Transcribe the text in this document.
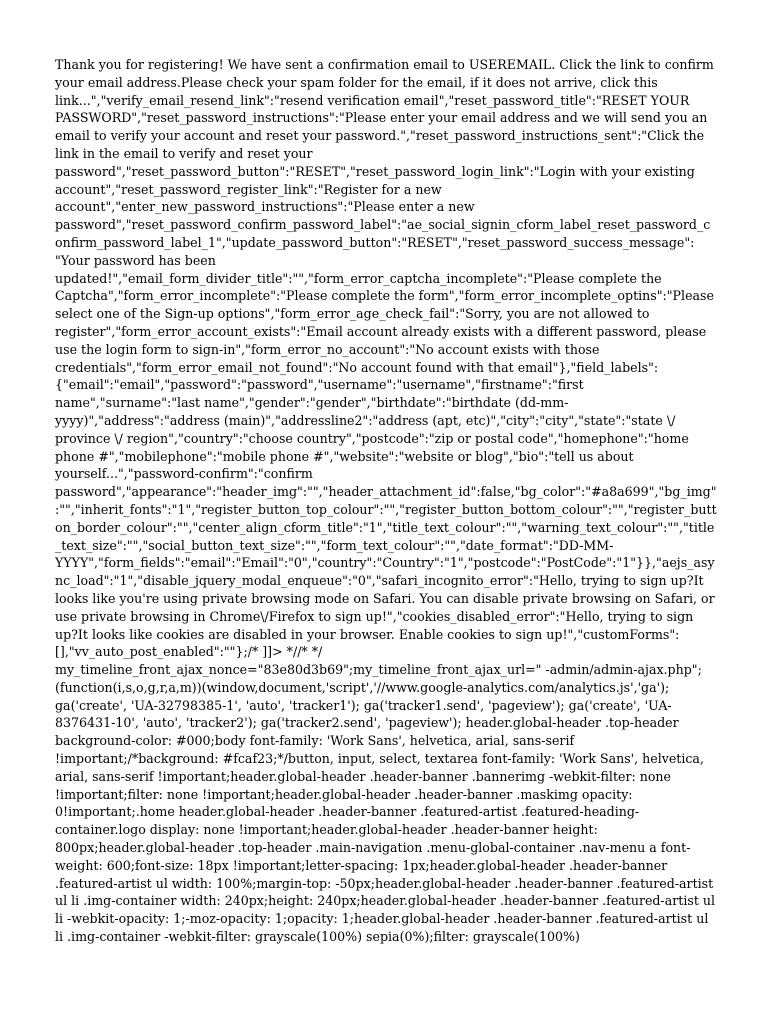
Thank you for registering! We have sent a confirmation email to USEREMAIL. Click the link to confirm your email address.Please check your spam folder for the email, if it does not arrive, click this link...","verify_email_resend_link":"resend verification email","reset_password_title":"RESET YOUR PASSWORD","reset_password_instructions":"Please enter your email address and we will send you an email to verify your account and reset your password.","reset_password_instructions_sent":"Click the link in the email to verify and reset your password","reset_password_button":"RESET","reset_password_login_link":"Login with your existing account","reset_password_register_link":"Register for a new account","enter_new_password_instructions":"Please enter a new password","reset_password_confirm_password_label":"ae_social_signin_cform_label_reset_password_confirm_password_label_1","update_password_button":"RESET","reset_password_success_message": "Your password has been updated!","email_form_divider_title":"","form_error_captcha_incomplete":"Please complete the Captcha","form_error_incomplete":"Please complete the form","form_error_incomplete_optins":"Please select one of the Sign-up options","form_error_age_check_fail":"Sorry, you are not allowed to register","form_error_account_exists":"Email account already exists with a different password, please use the login form to sign-in","form_error_no_account":"No account exists with those credentials","form_error_email_not_found":"No account found with that email"},"field_labels":{"email":"email","password":"password","username":"username","firstname":"first name","surname":"last name","gender":"gender","birthdate":"birthdate (dd-mm-yyyy)","address":"address (main)","addressline2":"address (apt, etc)","city":"city","state":"state \/ province \/ region","country":"choose country","postcode":"zip or postal code","homephone":"home phone #","mobilephone":"mobile phone #","website":"website or blog","bio":"tell us about yourself...","password-confirm":"confirm password","appearance":"header_img":"","header_attachment_id":false,"bg_color":"#a8a699","bg_img":"","inherit_fonts":"1","register_button_top_colour":"","register_button_bottom_colour":"","register_button_border_colour":"","center_align_cform_title":"1","title_text_colour":"","warning_text_colour":"","title_text_size":"","social_button_text_size":"","form_text_colour":"","date_format":"DD-MM-YYYY","form_fields":"email":"Email":"0","country":"Country":"1","postcode":"PostCode":"1"}},"aejs_async_load":"1","disable_jquery_modal_enqueue":"0","safari_incognito_error":"Hello, trying to sign up?It looks like you're using private browsing mode on Safari. You can disable private browsing on Safari, or use private browsing in Chrome\/Firefox to sign up!","cookies_disabled_error":"Hello, trying to sign up?It looks like cookies are disabled in your browser. Enable cookies to sign up!","customForms":[],"vv_auto_post_enabled":""};/* ]]> *//* */ my_timeline_front_ajax_nonce="83e80d3b69";my_timeline_front_ajax_url=" -admin/admin-ajax.php"; (function(i,s,o,g,r,a,m))(window,document,'script','//www.google-analytics.com/analytics.js','ga'); ga('create', 'UA-32798385-1', 'auto', 'tracker1'); ga('tracker1.send', 'pageview'); ga('create', 'UA-8376431-10', 'auto', 'tracker2'); ga('tracker2.send', 'pageview'); header.global-header .top-header background-color: #000;body font-family: 'Work Sans', helvetica, arial, sans-serif !important;/*background: #fcaf23;*/button, input, select, textarea font-family: 'Work Sans', helvetica, arial, sans-serif !important;header.global-header .header-banner .bannerimg -webkit-filter: none !important;filter: none !important;header.global-header .header-banner .maskimg opacity: 0!important;.home header.global-header .header-banner .featured-artist .featured-heading-container.logo display: none !important;header.global-header .header-banner height: 800px;header.global-header .top-header .main-navigation .menu-global-container .nav-menu a font-weight: 600;font-size: 18px !important;letter-spacing: 1px;header.global-header .header-banner .featured-artist ul width: 100%;margin-top: -50px;header.global-header .header-banner .featured-artist ul li .img-container width: 240px;height: 240px;header.global-header .header-banner .featured-artist ul li -webkit-opacity: 1;-moz-opacity: 1;opacity: 1;header.global-header .header-banner .featured-artist ul li .img-container -webkit-filter: grayscale(100%) sepia(0%);filter: grayscale(100%)
